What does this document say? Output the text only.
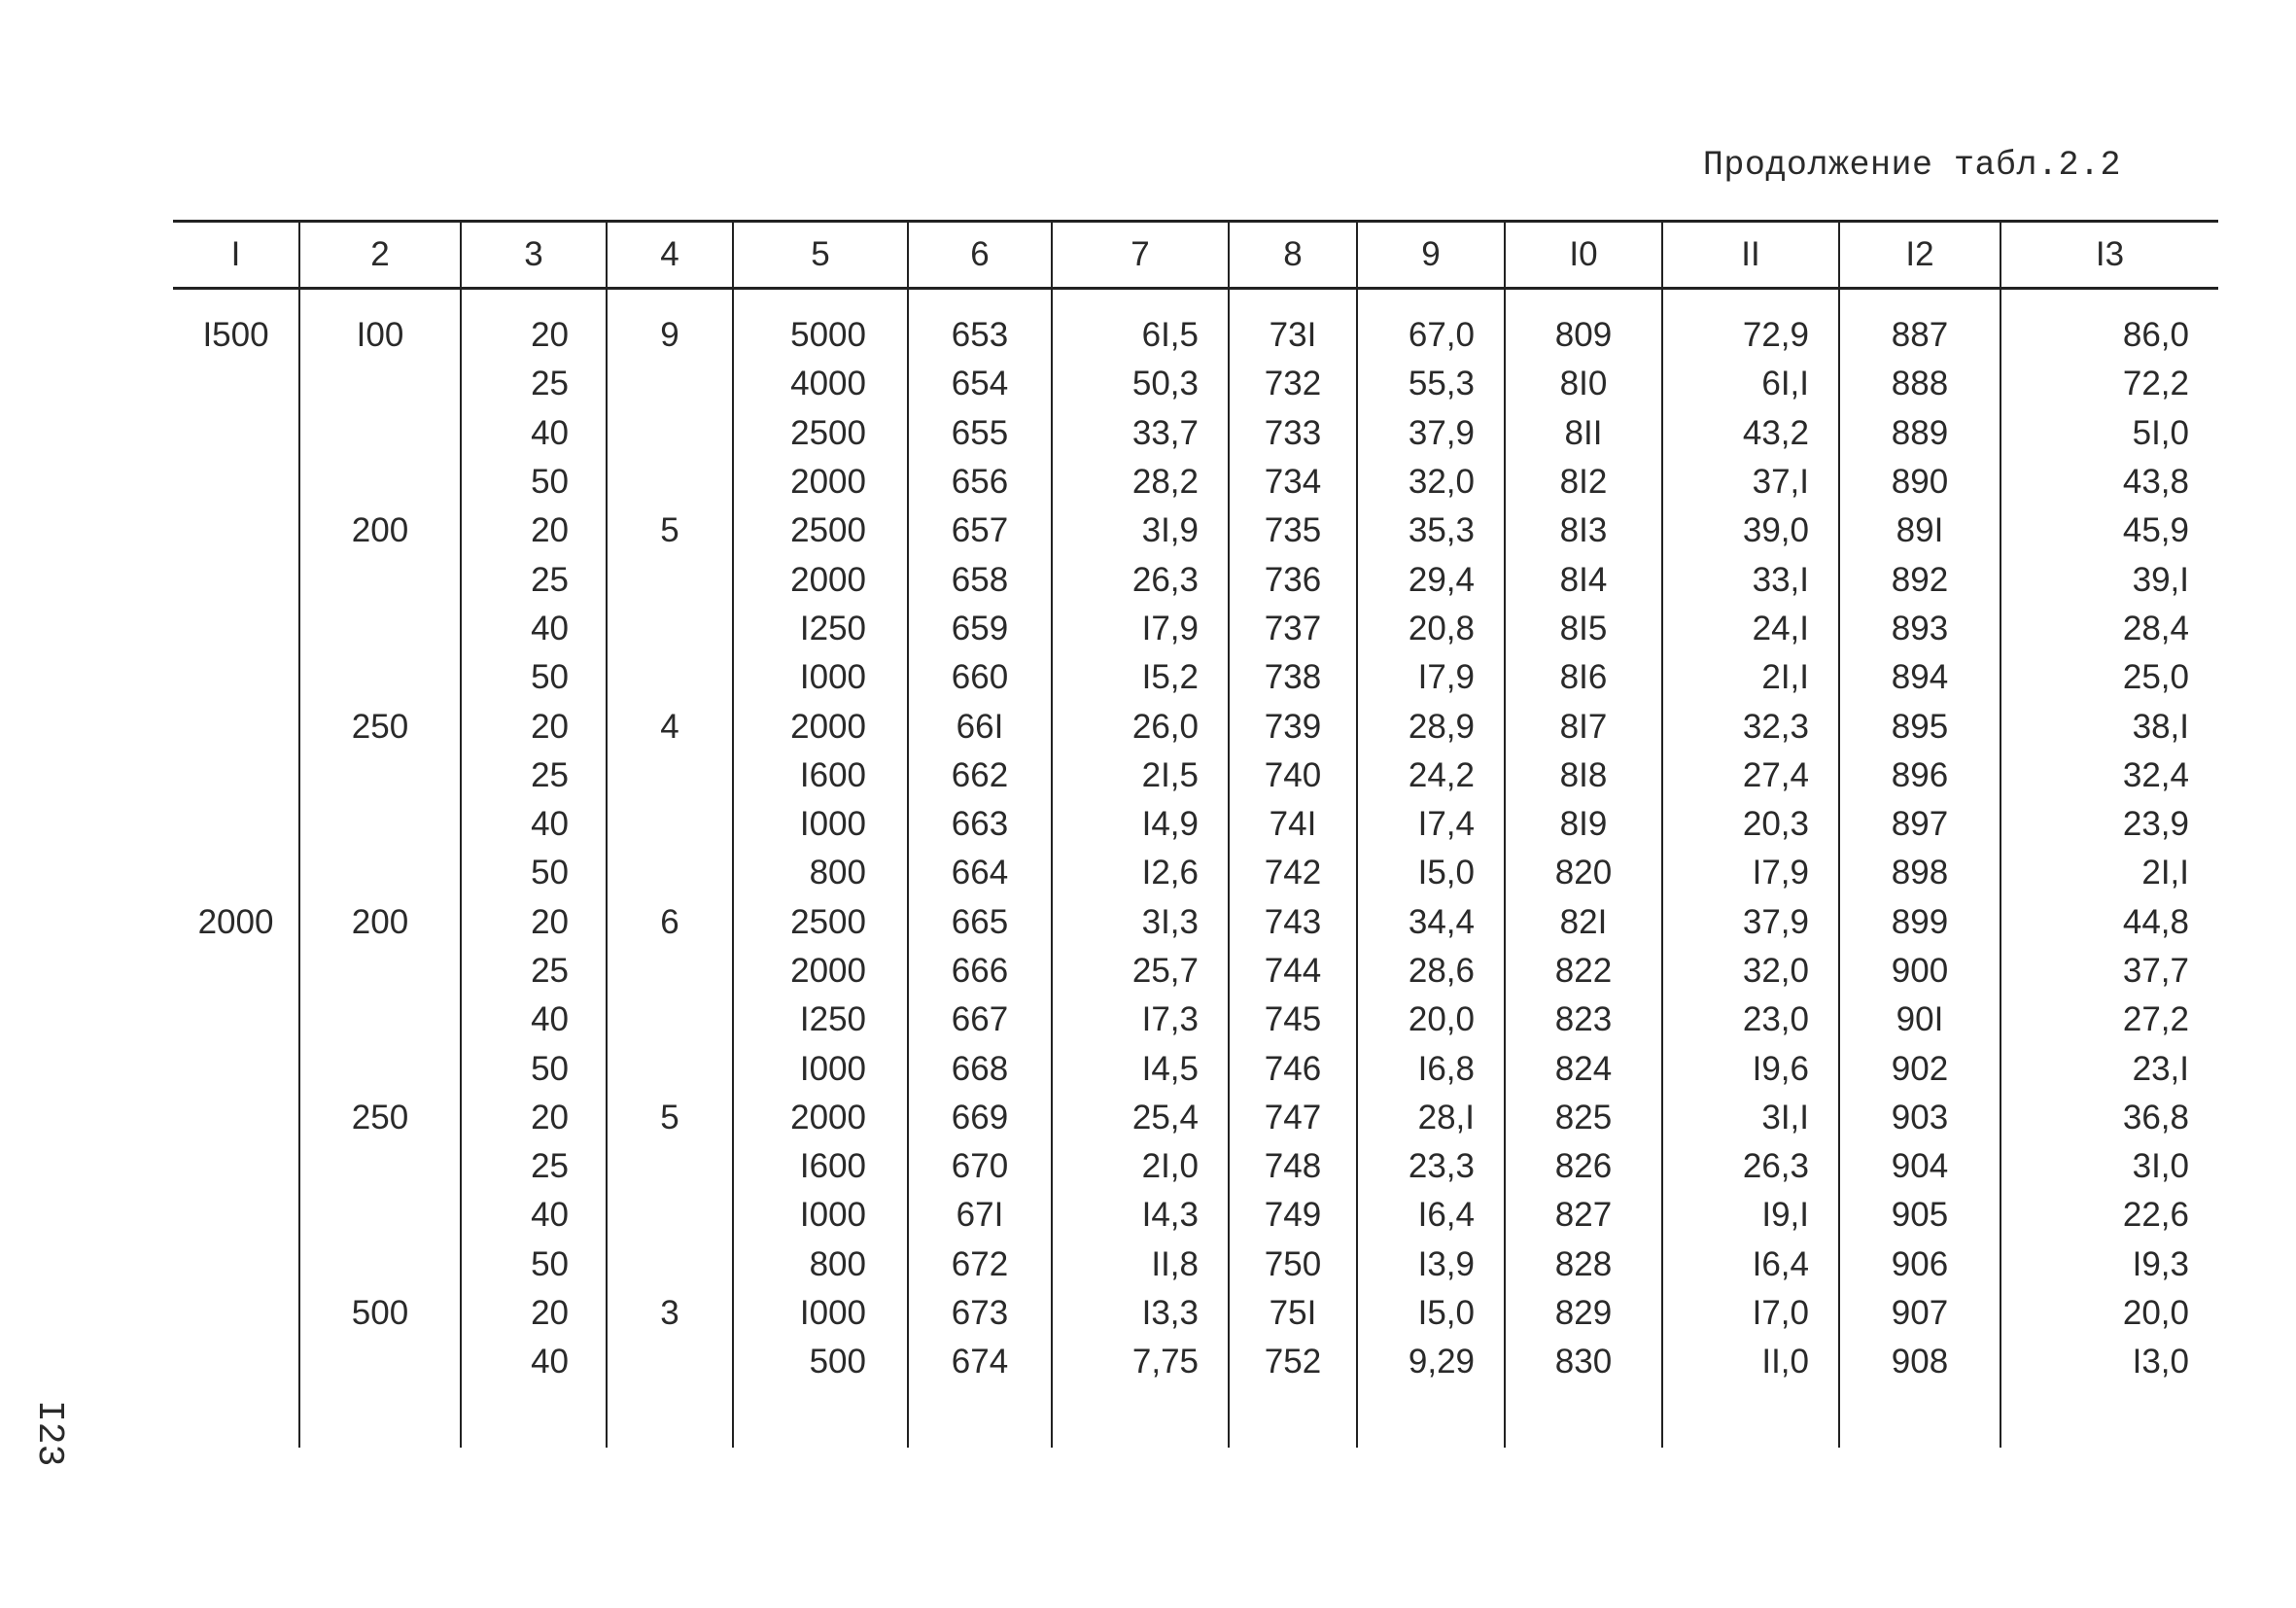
Продолжение табл.2.2
I	2	3	4	5	6	7	8	9	I0	II	I2	I3

I500	I00	20	9	5000	653	6I,5	73I	67,0	809	72,9	887	86,0
		25		4000	654	50,3	732	55,3	8I0	6I,I	888	72,2
		40		2500	655	33,7	733	37,9	8II	43,2	889	5I,0
		50		2000	656	28,2	734	32,0	8I2	37,I	890	43,8
	200	20	5	2500	657	3I,9	735	35,3	8I3	39,0	89I	45,9
		25		2000	658	26,3	736	29,4	8I4	33,I	892	39,I
		40		I250	659	I7,9	737	20,8	8I5	24,I	893	28,4
		50		I000	660	I5,2	738	I7,9	8I6	2I,I	894	25,0
	250	20	4	2000	66I	26,0	739	28,9	8I7	32,3	895	38,I
		25		I600	662	2I,5	740	24,2	8I8	27,4	896	32,4
		40		I000	663	I4,9	74I	I7,4	8I9	20,3	897	23,9
		50		800	664	I2,6	742	I5,0	820	I7,9	898	2I,I
2000	200	20	6	2500	665	3I,3	743	34,4	82I	37,9	899	44,8
		25		2000	666	25,7	744	28,6	822	32,0	900	37,7
		40		I250	667	I7,3	745	20,0	823	23,0	90I	27,2
		50		I000	668	I4,5	746	I6,8	824	I9,6	902	23,I
	250	20	5	2000	669	25,4	747	28,I	825	3I,I	903	36,8
		25		I600	670	2I,0	748	23,3	826	26,3	904	3I,0
		40		I000	67I	I4,3	749	I6,4	827	I9,I	905	22,6
		50		800	672	II,8	750	I3,9	828	I6,4	906	I9,3
	500	20	3	I000	673	I3,3	75I	I5,0	829	I7,0	907	20,0
		40		500	674	7,75	752	9,29	830	II,0	908	I3,0

I23
